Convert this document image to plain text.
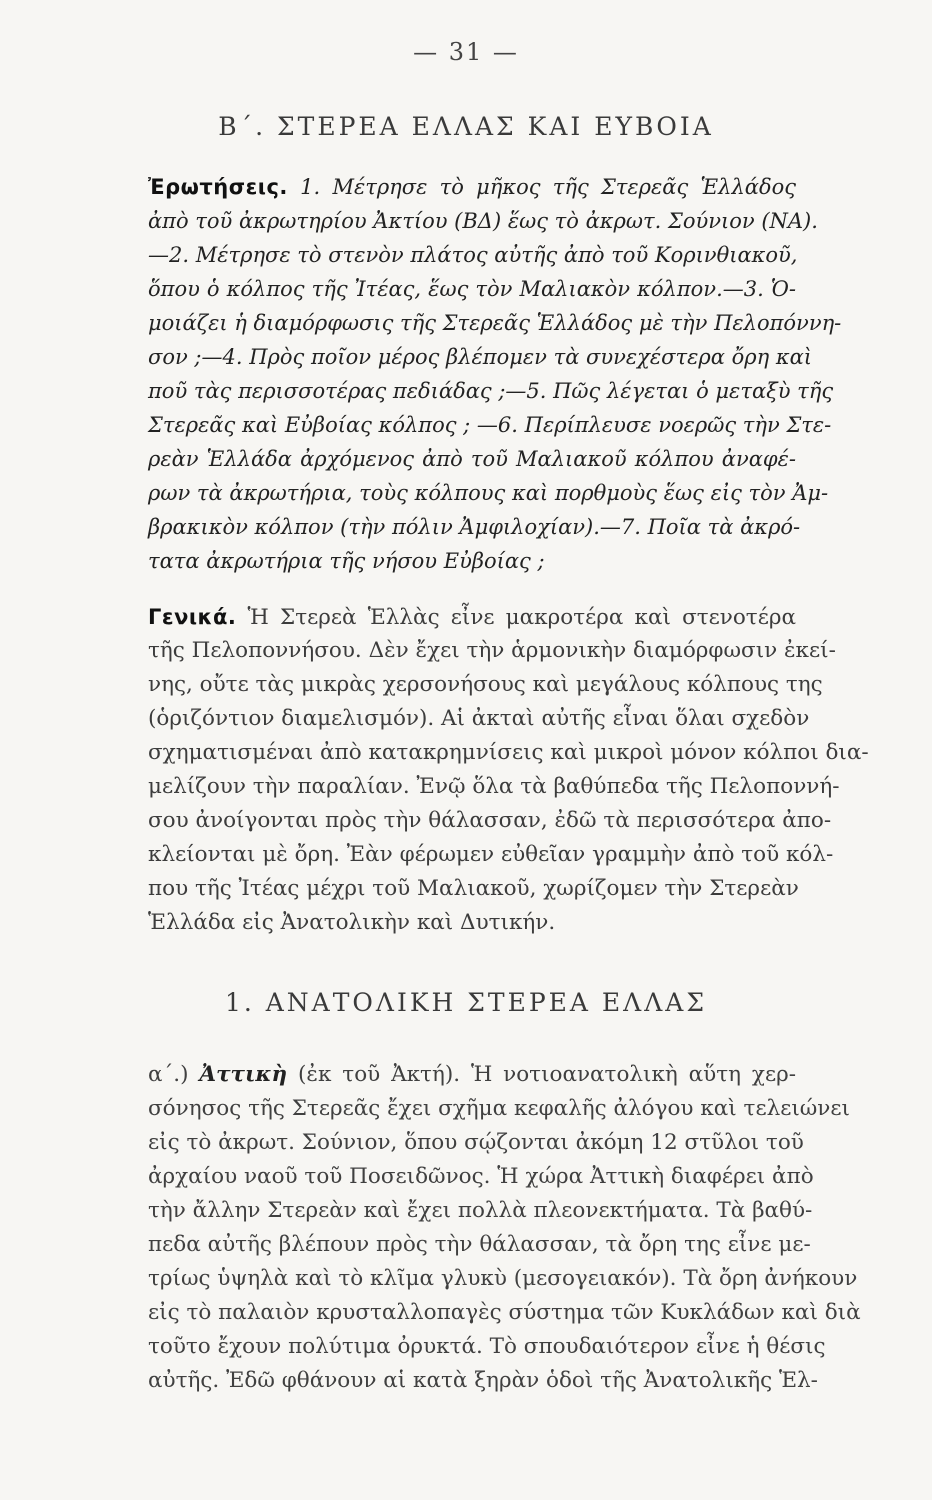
— 31 —
Β΄. ΣΤΕΡΕΑ ΕΛΛΑΣ ΚΑΙ ΕΥΒΟΙΑ
Ἐρωτήσεις. 1. Μέτρησε τὸ μῆκος τῆς Στερεᾶς Ἑλλάδος
ἀπὸ τοῦ ἀκρωτηρίου Ἀκτίου (ΒΔ) ἕως τὸ ἀκρωτ. Σούνιον (ΝΑ).
—2. Μέτρησε τὸ στενὸν πλάτος αὐτῆς ἀπὸ τοῦ Κορινθιακοῦ,
ὅπου ὁ κόλπος τῆς Ἰτέας, ἕως τὸν Μαλιακὸν κόλπον.—3. Ὁ-
μοιάζει ἡ διαμόρφωσις τῆς Στερεᾶς Ἑλλάδος μὲ τὴν Πελοπόννη-
σον ;—4. Πρὸς ποῖον μέρος βλέπομεν τὰ συνεχέστερα ὄρη καὶ
ποῦ τὰς περισσοτέρας πεδιάδας ;—5. Πῶς λέγεται ὁ μεταξὺ τῆς
Στερεᾶς καὶ Εὐβοίας κόλπος ; —6. Περίπλευσε νοερῶς τὴν Στε-
ρεὰν Ἑλλάδα ἀρχόμενος ἀπὸ τοῦ Μαλιακοῦ κόλπου ἀναφέ-
ρων τὰ ἀκρωτήρια, τοὺς κόλπους καὶ πορθμοὺς ἕως εἰς τὸν Ἀμ-
βρακικὸν κόλπον (τὴν πόλιν Ἀμφιλοχίαν).—7. Ποῖα τὰ ἀκρό-
τατα ἀκρωτήρια τῆς νήσου Εὐβοίας ;
Γενικά. Ἡ Στερεὰ Ἑλλὰς εἶνε μακροτέρα καὶ στενοτέρα
τῆς Πελοποννήσου. Δὲν ἔχει τὴν ἁρμονικὴν διαμόρφωσιν ἐκεί-
νης, οὔτε τὰς μικρὰς χερσονήσους καὶ μεγάλους κόλπους της
(ὁριζόντιον διαμελισμόν). Αἱ ἀκταὶ αὐτῆς εἶναι ὅλαι σχεδὸν
σχηματισμέναι ἀπὸ κατακρημνίσεις καὶ μικροὶ μόνον κόλποι δια-
μελίζουν τὴν παραλίαν. Ἐνῷ ὅλα τὰ βαθύπεδα τῆς Πελοποννή-
σου ἀνοίγονται πρὸς τὴν θάλασσαν, ἐδῶ τὰ περισσότερα ἀπο-
κλείονται μὲ ὄρη. Ἐὰν φέρωμεν εὐθεῖαν γραμμὴν ἀπὸ τοῦ κόλ-
που τῆς Ἰτέας μέχρι τοῦ Μαλιακοῦ, χωρίζομεν τὴν Στερεὰν
Ἑλλάδα εἰς Ἀνατολικὴν καὶ Δυτικήν.
1. ΑΝΑΤΟΛΙΚΗ ΣΤΕΡΕΑ ΕΛΛΑΣ
α΄.) Ἀττικὴ (ἐκ τοῦ Ἀκτή). Ἡ νοτιοανατολικὴ αὕτη χερ-
σόνησος τῆς Στερεᾶς ἔχει σχῆμα κεφαλῆς ἀλόγου καὶ τελειώνει
εἰς τὸ ἀκρωτ. Σούνιον, ὅπου σῴζονται ἀκόμη 12 στῦλοι τοῦ
ἀρχαίου ναοῦ τοῦ Ποσειδῶνος. Ἡ χώρα Ἀττικὴ διαφέρει ἀπὸ
τὴν ἄλλην Στερεὰν καὶ ἔχει πολλὰ πλεονεκτήματα. Τὰ βαθύ-
πεδα αὐτῆς βλέπουν πρὸς τὴν θάλασσαν, τὰ ὄρη της εἶνε με-
τρίως ὑψηλὰ καὶ τὸ κλῖμα γλυκὺ (μεσογειακόν). Τὰ ὄρη ἀνήκουν
εἰς τὸ παλαιὸν κρυσταλλοπαγὲς σύστημα τῶν Κυκλάδων καὶ διὰ
τοῦτο ἔχουν πολύτιμα ὀρυκτά. Τὸ σπουδαιότερον εἶνε ἡ θέσις
αὐτῆς. Ἐδῶ φθάνουν αἱ κατὰ ξηρὰν ὁδοὶ τῆς Ἀνατολικῆς Ἑλ-
